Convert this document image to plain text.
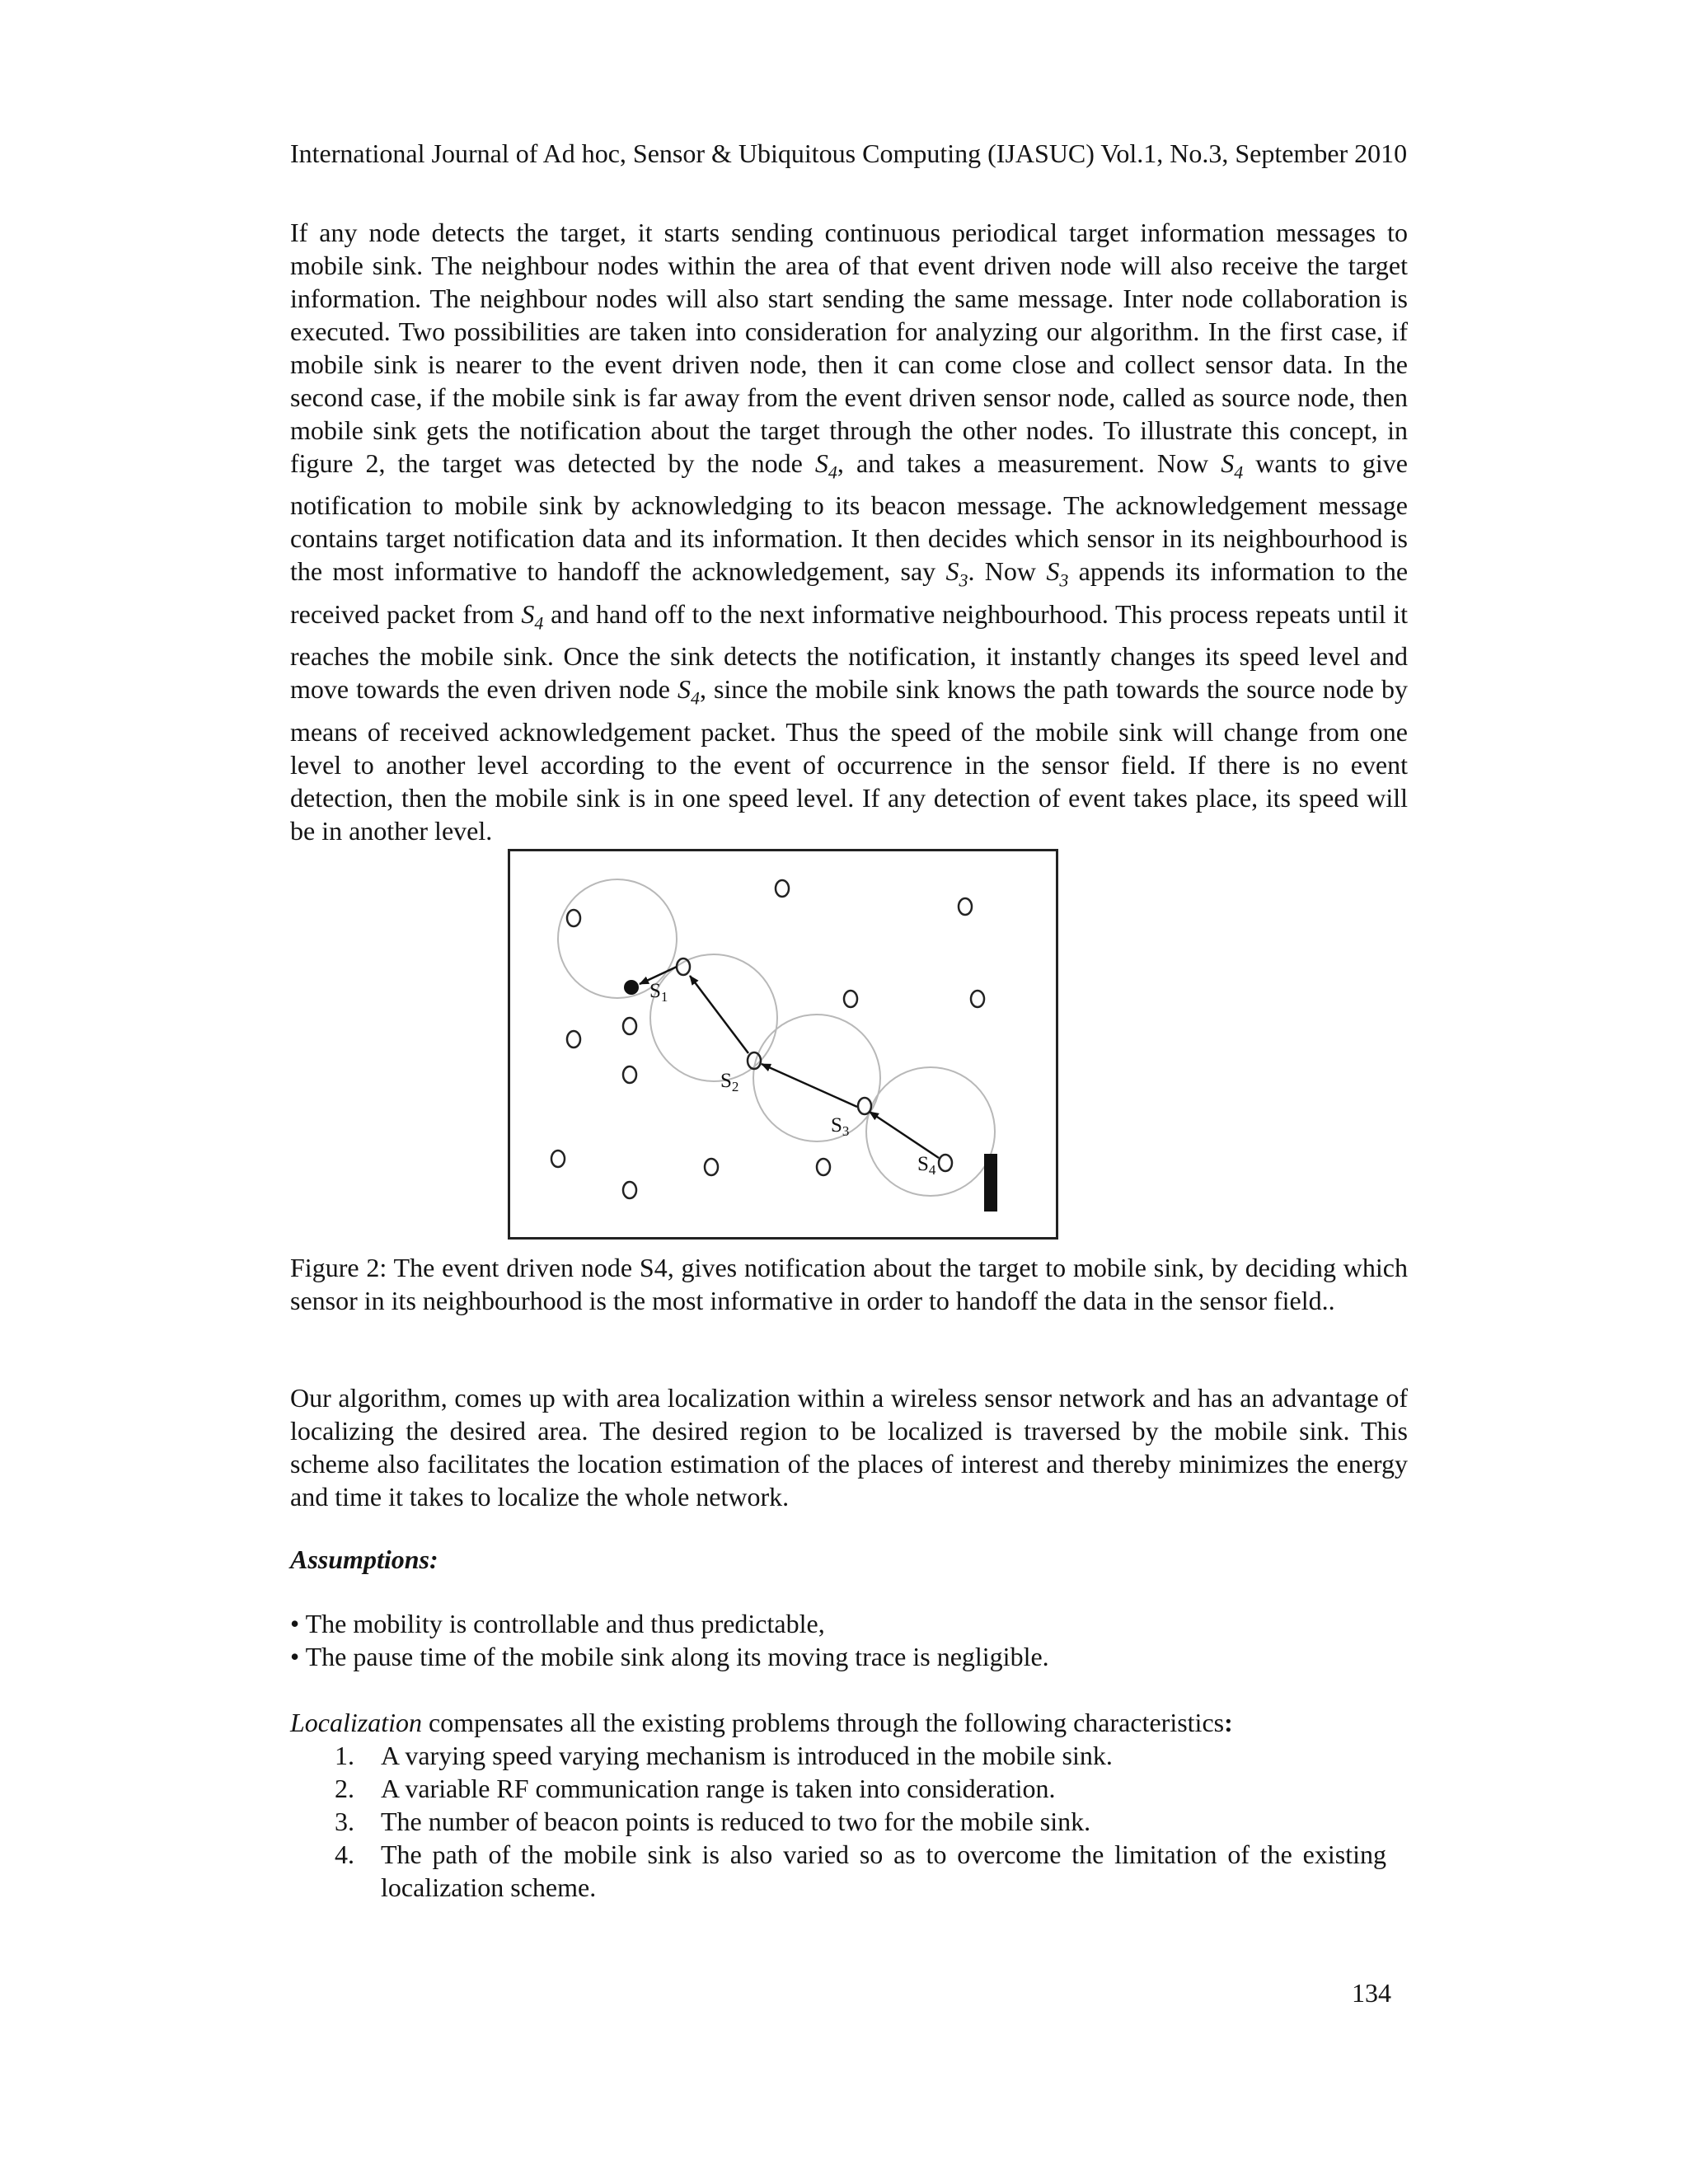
International Journal of Ad hoc, Sensor & Ubiquitous Computing (IJASUC) Vol.1, No.3, September 2010
If any node detects the target, it starts sending continuous periodical target information messages to mobile sink. The neighbour nodes within the area of that event driven node will also receive the target information. The neighbour nodes will also start sending the same message. Inter node collaboration is executed. Two possibilities are taken into consideration for analyzing our algorithm. In the first case, if mobile sink is nearer to the event driven node, then it can come close and collect sensor data. In the second case, if the mobile sink is far away from the event driven sensor node, called as source node, then mobile sink gets the notification about the target through the other nodes. To illustrate this concept, in figure 2, the target was detected by the node $S_4$, and takes a measurement. Now $S_4$ wants to give notification to mobile sink by acknowledging to its beacon message. The acknowledgement message contains target notification data and its information. It then decides which sensor in its neighbourhood is the most informative to handoff the acknowledgement, say $S_3$. Now $S_3$ appends its information to the received packet from $S_4$ and hand off to the next informative neighbourhood. This process repeats until it reaches the mobile sink. Once the sink detects the notification, it instantly changes its speed level and move towards the even driven node $S_4$, since the mobile sink knows the path towards the source node by means of received acknowledgement packet. Thus the speed of the mobile sink will change from one level to another level according to the event of occurrence in the sensor field. If there is no event detection, then the mobile sink is in one speed level. If any detection of event takes place, its speed will be in another level.
$S_1$
$S_2$
$S_3$
$S_4$
Figure 2: The event driven node S4, gives notification about the target to mobile sink, by deciding which sensor in its neighbourhood is the most informative in order to handoff the data in the sensor field..
Our algorithm, comes up with area localization within a wireless sensor network and has an advantage of localizing the desired area. The desired region to be localized is traversed by the mobile sink. This scheme also facilitates the location estimation of the places of interest and thereby minimizes the energy and time it takes to localize the whole network.
Assumptions:
• The mobility is controllable and thus predictable,
• The pause time of the mobile sink along its moving trace is negligible.
Localization compensates all the existing problems through the following characteristics:
1. A varying speed varying mechanism is introduced in the mobile sink.
2. A variable RF communication range is taken into consideration.
3. The number of beacon points is reduced to two for the mobile sink.
4. The path of the mobile sink is also varied so as to overcome the limitation of the existing localization scheme.
134
